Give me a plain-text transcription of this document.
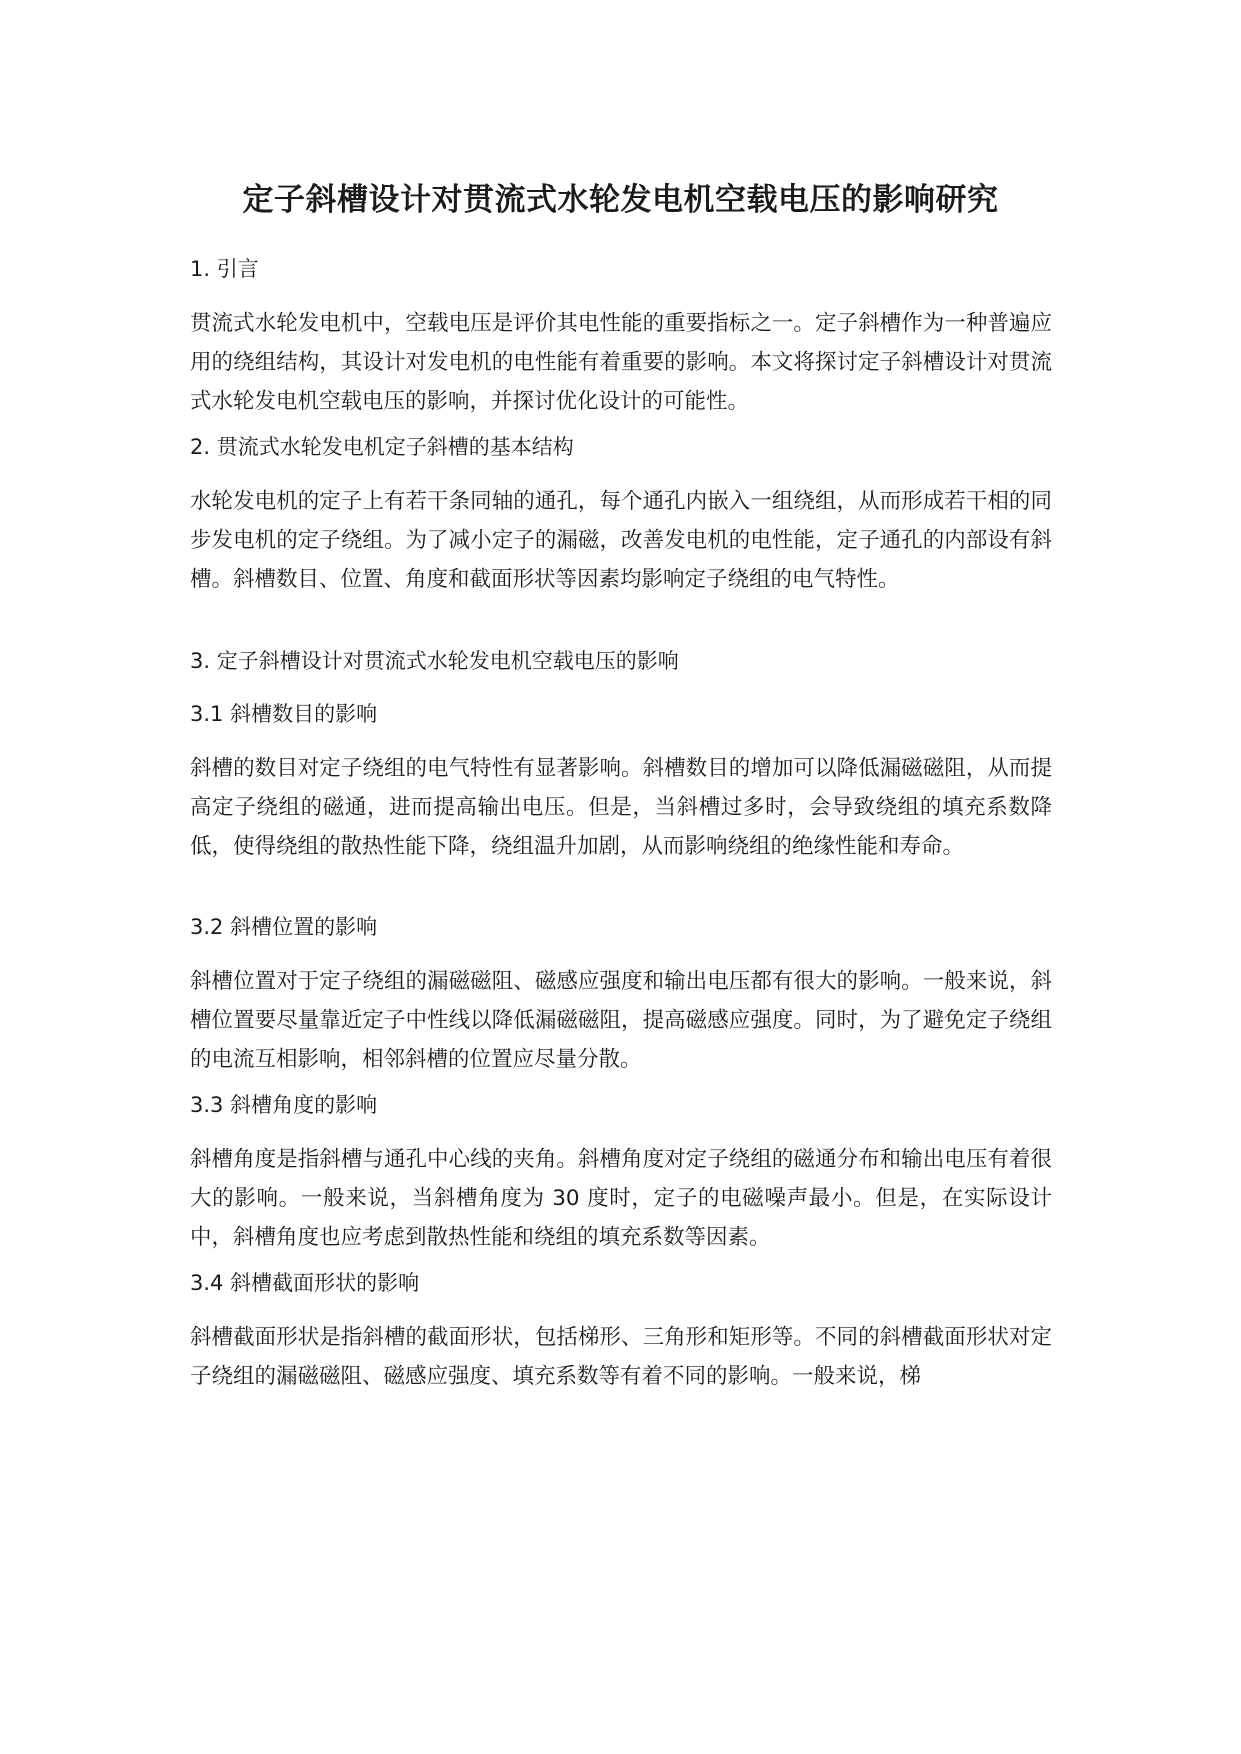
定子斜槽设计对贯流式水轮发电机空载电压的影响研究
1. 引言
贯流式水轮发电机中，空载电压是评价其电性能的重要指标之一。定子斜槽作为一种普遍应用的绕组结构，其设计对发电机的电性能有着重要的影响。本文将探讨定子斜槽设计对贯流式水轮发电机空载电压的影响，并探讨优化设计的可能性。
2. 贯流式水轮发电机定子斜槽的基本结构
水轮发电机的定子上有若干条同轴的通孔，每个通孔内嵌入一组绕组，从而形成若干相的同步发电机的定子绕组。为了减小定子的漏磁，改善发电机的电性能，定子通孔的内部设有斜槽。斜槽数目、位置、角度和截面形状等因素均影响定子绕组的电气特性。
3. 定子斜槽设计对贯流式水轮发电机空载电压的影响
3.1 斜槽数目的影响
斜槽的数目对定子绕组的电气特性有显著影响。斜槽数目的增加可以降低漏磁磁阻，从而提高定子绕组的磁通，进而提高输出电压。但是，当斜槽过多时，会导致绕组的填充系数降低，使得绕组的散热性能下降，绕组温升加剧，从而影响绕组的绝缘性能和寿命。
3.2 斜槽位置的影响
斜槽位置对于定子绕组的漏磁磁阻、磁感应强度和输出电压都有很大的影响。一般来说，斜槽位置要尽量靠近定子中性线以降低漏磁磁阻，提高磁感应强度。同时，为了避免定子绕组的电流互相影响，相邻斜槽的位置应尽量分散。
3.3 斜槽角度的影响
斜槽角度是指斜槽与通孔中心线的夹角。斜槽角度对定子绕组的磁通分布和输出电压有着很大的影响。一般来说，当斜槽角度为 30 度时，定子的电磁噪声最小。但是，在实际设计中，斜槽角度也应考虑到散热性能和绕组的填充系数等因素。
3.4 斜槽截面形状的影响
斜槽截面形状是指斜槽的截面形状，包括梯形、三角形和矩形等。不同的斜槽截面形状对定子绕组的漏磁磁阻、磁感应强度、填充系数等有着不同的影响。一般来说，梯
